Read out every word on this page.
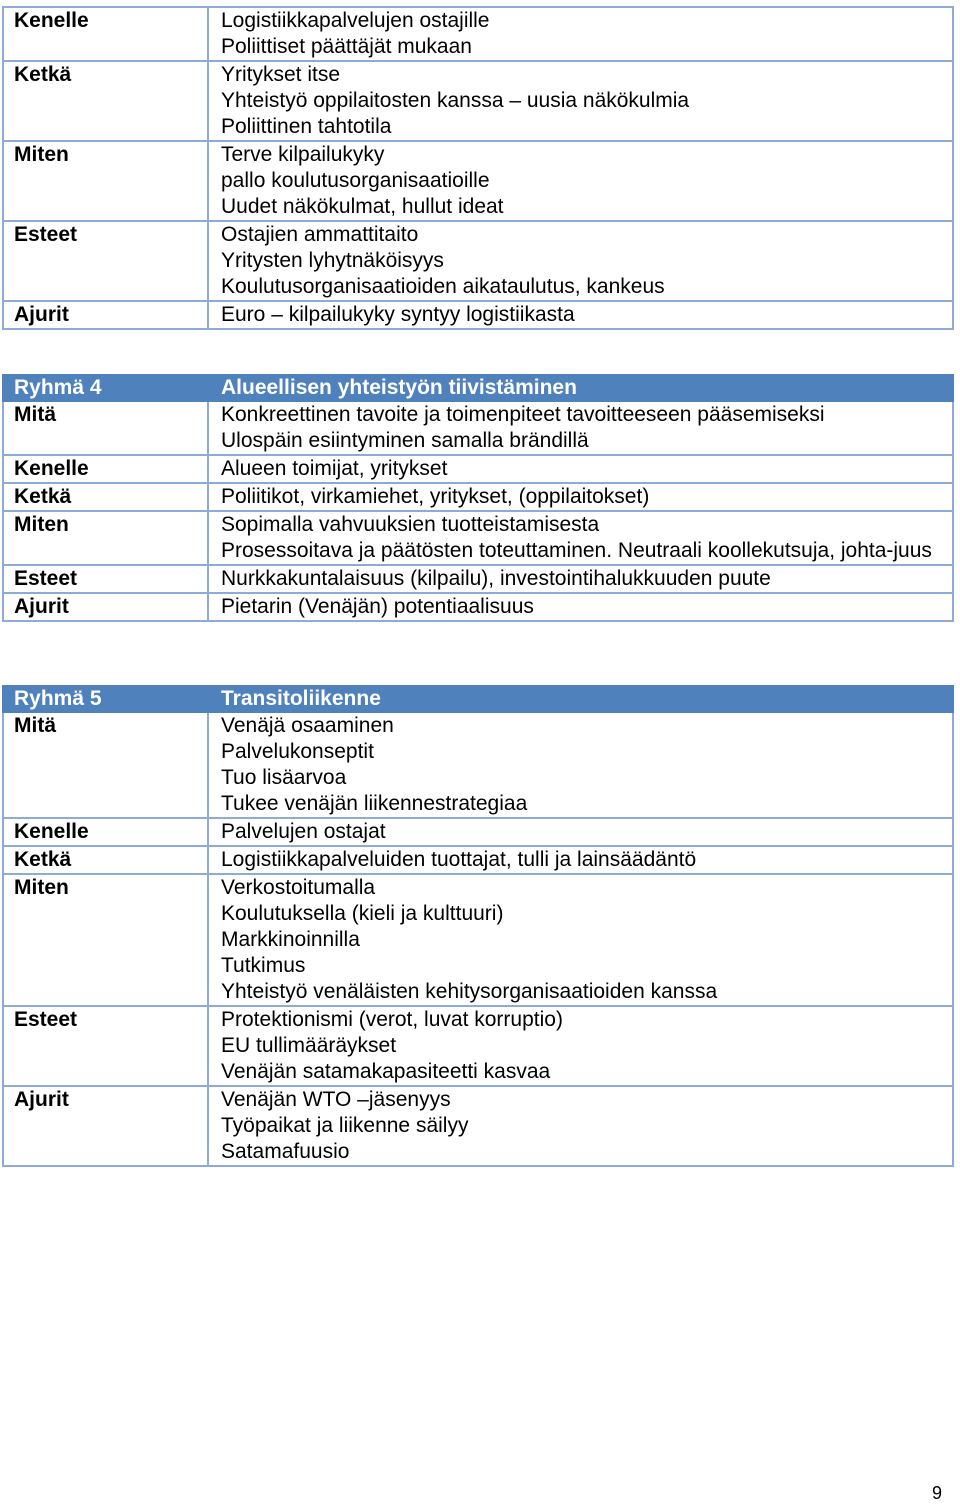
Kenelle	Logistiikkapalvelujen ostajille
Poliittiset päättäjät mukaan

Ketkä	Yritykset itse
Yhteistyö oppilaitosten kanssa – uusia näkökulmia
Poliittinen tahtotila

Miten	Terve kilpailukyky
pallo koulutusorganisaatioille
Uudet näkökulmat, hullut ideat

Esteet	Ostajien ammattitaito
Yritysten lyhytnäköisyys
Koulutusorganisaatioiden aikataulutus, kankeus

Ajurit	Euro – kilpailukyky syntyy logistiikasta
Ryhmä 4	Alueellisen yhteistyön tiivistäminen
Mitä	Konkreettinen tavoite ja toimenpiteet tavoitteeseen pääsemiseksi
Ulospäin esiintyminen samalla brändillä

Kenelle	Alueen toimijat, yritykset

Ketkä	Poliitikot, virkamiehet, yritykset, (oppilaitokset)

Miten	Sopimalla vahvuuksien tuotteistamisesta
Prosessoitava ja päätösten toteuttaminen. Neutraali koollekutsuja, johta-juus

Esteet	Nurkkakuntalaisuus (kilpailu), investointihalukkuuden puute

Ajurit	Pietarin (Venäjän) potentiaalisuus
Ryhmä 5	Transitoliikenne
Mitä	Venäjä osaaminen
Palvelukonseptit
Tuo lisäarvoa
Tukee venäjän liikennestrategiaa

Kenelle	Palvelujen ostajat

Ketkä	Logistiikkapalveluiden tuottajat, tulli ja lainsäädäntö

Miten	Verkostoitumalla
Koulutuksella (kieli ja kulttuuri)
Markkinoinnilla
Tutkimus
Yhteistyö venäläisten kehitysorganisaatioiden kanssa

Esteet	Protektionismi (verot, luvat korruptio)
EU tullimääräykset
Venäjän satamakapasiteetti kasvaa

Ajurit	Venäjän WTO –jäsenyys
Työpaikat ja liikenne säilyy
Satamafuusio
9
